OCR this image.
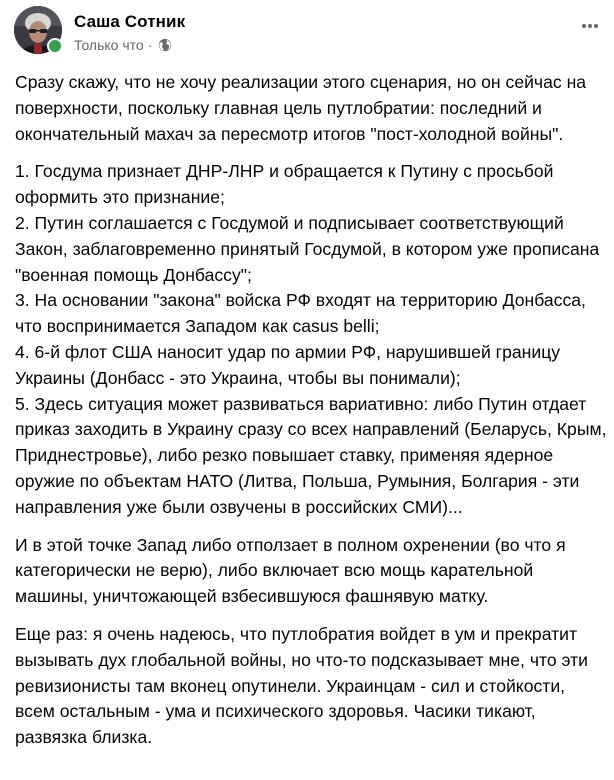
Саша Сотник
Только что ·

Сразу скажу, что не хочу реализации этого сценария, но он сейчас на поверхности, поскольку главная цель путлобратии: последний и окончательный махач за пересмотр итогов "пост-холодной войны".

1. Госдума признает ДНР-ЛНР и обращается к Путину с просьбой оформить это признание;
2. Путин соглашается с Госдумой и подписывает соответствующий Закон, заблаговременно принятый Госдумой, в котором уже прописана "военная помощь Донбассу";
3. На основании "закона" войска РФ входят на территорию Донбасса, что воспринимается Западом как casus belli;
4. 6-й флот США наносит удар по армии РФ, нарушившей границу Украины (Донбасс - это Украина, чтобы вы понимали);
5. Здесь ситуация может развиваться вариативно: либо Путин отдает приказ заходить в Украину сразу со всех направлений (Беларусь, Крым, Приднестровье), либо резко повышает ставку, применяя ядерное оружие по объектам НАТО (Литва, Польша, Румыния, Болгария - эти направления уже были озвучены в российских СМИ)...

И в этой точке Запад либо отползает в полном охренении (во что я категорически не верю), либо включает всю мощь карательной машины, уничтожающей взбесившуюся фашнявую матку.

Еще раз: я очень надеюсь, что путлобратия войдет в ум и прекратит вызывать дух глобальной войны, но что-то подсказывает мне, что эти ревизионисты там вконец опутинели. Украинцам - сил и стойкости, всем остальным - ума и психического здоровья. Часики тикают, развязка близка.
